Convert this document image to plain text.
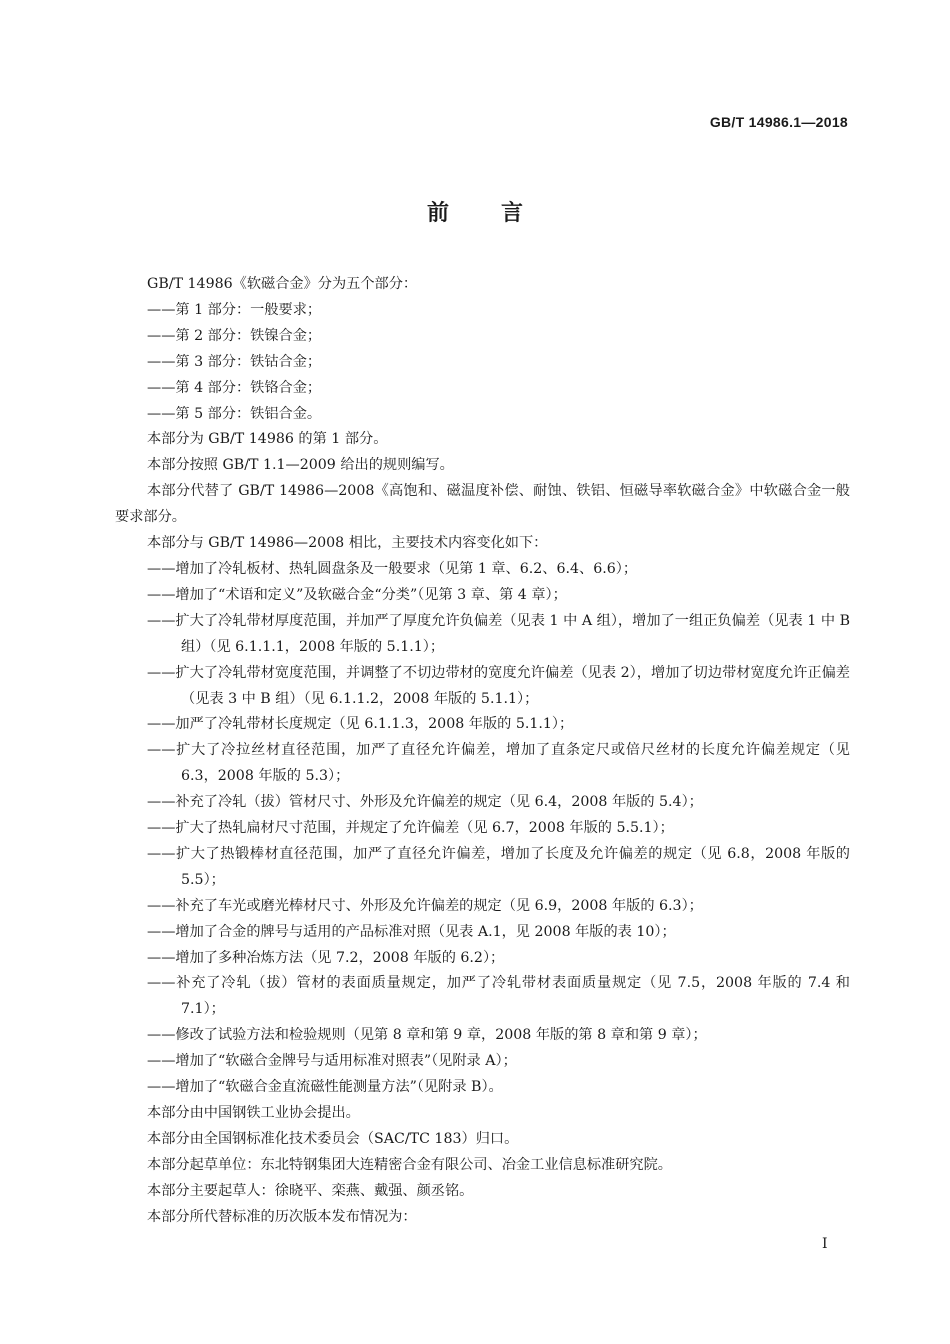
GB/T 14986.1—2018
前 言

GB/T 14986《软磁合金》分为五个部分：

——第 1 部分：一般要求；

——第 2 部分：铁镍合金；

——第 3 部分：铁钴合金；

——第 4 部分：铁铬合金；

——第 5 部分：铁铝合金。

本部分为 GB/T 14986 的第 1 部分。

本部分按照 GB/T 1.1—2009 给出的规则编写。

本部分代替了 GB/T 14986—2008《高饱和、磁温度补偿、耐蚀、铁铝、恒磁导率软磁合金》中软磁合金一般要求部分。

本部分与 GB/T 14986—2008 相比，主要技术内容变化如下：

——增加了冷轧板材、热轧圆盘条及一般要求（见第 1 章、6.2、6.4、6.6）；

——增加了“术语和定义”及软磁合金“分类”（见第 3 章、第 4 章）；

——扩大了冷轧带材厚度范围，并加严了厚度允许负偏差（见表 1 中 A 组），增加了一组正负偏差（见表 1 中 B 组）（见 6.1.1.1，2008 年版的 5.1.1）；

——扩大了冷轧带材宽度范围，并调整了不切边带材的宽度允许偏差（见表 2），增加了切边带材宽度允许正偏差（见表 3 中 B 组）（见 6.1.1.2，2008 年版的 5.1.1）；

——加严了冷轧带材长度规定（见 6.1.1.3，2008 年版的 5.1.1）；

——扩大了冷拉丝材直径范围，加严了直径允许偏差，增加了直条定尺或倍尺丝材的长度允许偏差规定（见 6.3，2008 年版的 5.3）；

——补充了冷轧（拔）管材尺寸、外形及允许偏差的规定（见 6.4，2008 年版的 5.4）；

——扩大了热轧扁材尺寸范围，并规定了允许偏差（见 6.7，2008 年版的 5.5.1）；

——扩大了热锻棒材直径范围，加严了直径允许偏差，增加了长度及允许偏差的规定（见 6.8，2008 年版的 5.5）；

——补充了车光或磨光棒材尺寸、外形及允许偏差的规定（见 6.9，2008 年版的 6.3）；

——增加了合金的牌号与适用的产品标准对照（见表 A.1，见 2008 年版的表 10）；

——增加了多种冶炼方法（见 7.2，2008 年版的 6.2）；

——补充了冷轧（拔）管材的表面质量规定，加严了冷轧带材表面质量规定（见 7.5，2008 年版的 7.4 和 7.1）；

——修改了试验方法和检验规则（见第 8 章和第 9 章，2008 年版的第 8 章和第 9 章）；

——增加了“软磁合金牌号与适用标准对照表”（见附录 A）；

——增加了“软磁合金直流磁性能测量方法”（见附录 B）。

本部分由中国钢铁工业协会提出。

本部分由全国钢标准化技术委员会（SAC/TC 183）归口。

本部分起草单位：东北特钢集团大连精密合金有限公司、冶金工业信息标准研究院。

本部分主要起草人：徐晓平、栾燕、戴强、颜丞铭。

本部分所代替标准的历次版本发布情况为：

I
